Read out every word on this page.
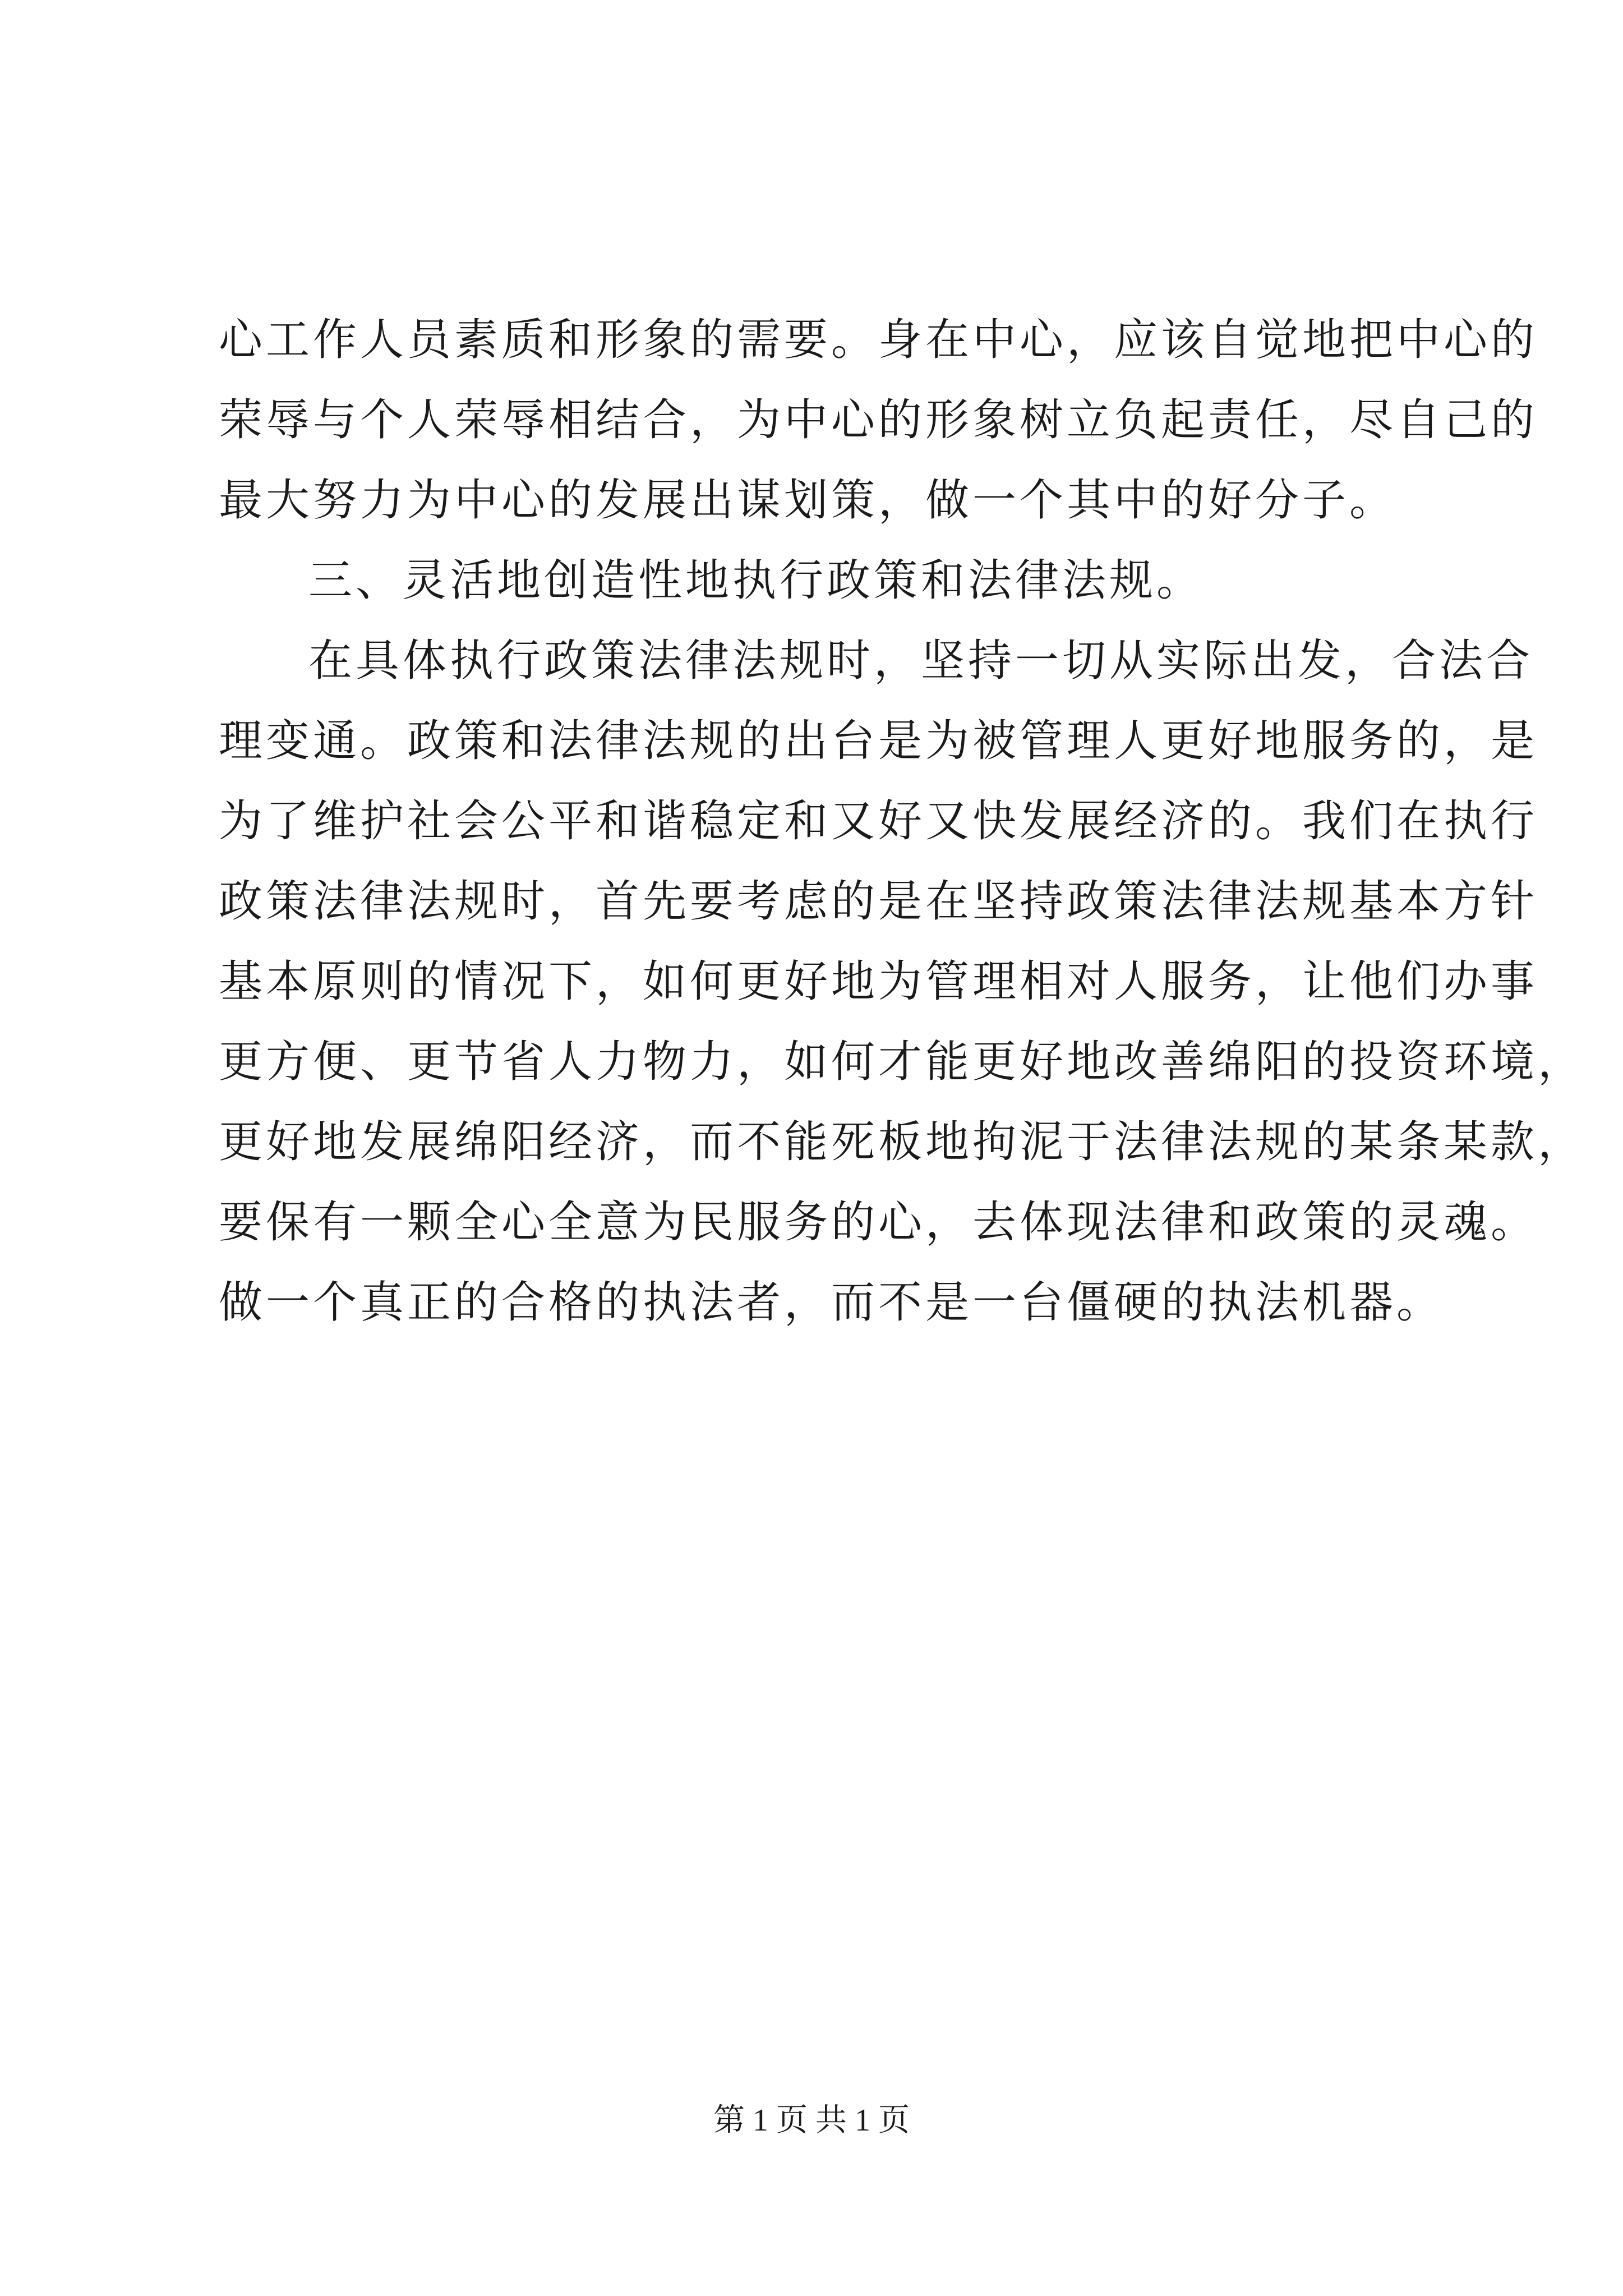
心工作人员素质和形象的需要。身在中心，应该自觉地把中心的
荣辱与个人荣辱相结合，为中心的形象树立负起责任，尽自己的
最大努力为中心的发展出谋划策，做一个其中的好分子。
三、灵活地创造性地执行政策和法律法规。
在具体执行政策法律法规时，坚持一切从实际出发，合法合
理变通。政策和法律法规的出台是为被管理人更好地服务的，是
为了维护社会公平和谐稳定和又好又快发展经济的。我们在执行
政策法律法规时，首先要考虑的是在坚持政策法律法规基本方针
基本原则的情况下，如何更好地为管理相对人服务，让他们办事
更方便、更节省人力物力，如何才能更好地改善绵阳的投资环境，
更好地发展绵阳经济，而不能死板地拘泥于法律法规的某条某款，
要保有一颗全心全意为民服务的心，去体现法律和政策的灵魂。
做一个真正的合格的执法者，而不是一台僵硬的执法机器。
第 1 页 共 1 页
